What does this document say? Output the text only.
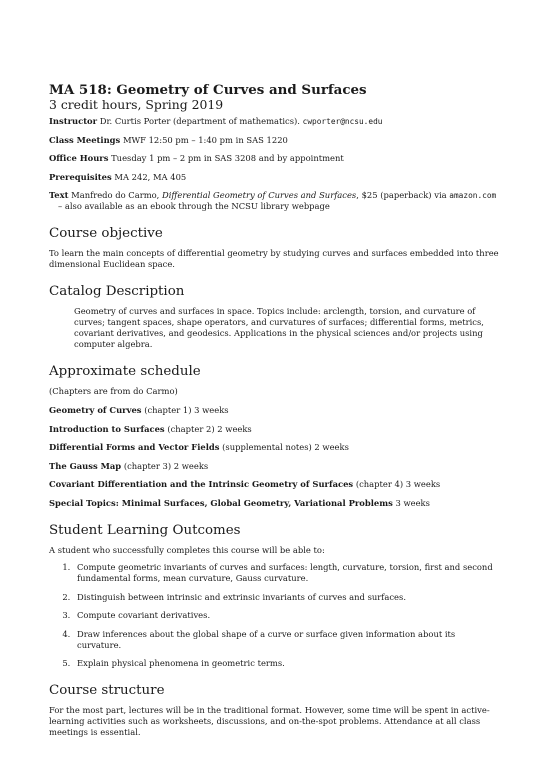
MA 518: Geometry of Curves and Surfaces
3 credit hours, Spring 2019
Instructor Dr. Curtis Porter (department of mathematics). cwporter@ncsu.edu
Class Meetings MWF 12:50 pm – 1:40 pm in SAS 1220
Office Hours Tuesday 1 pm – 2 pm in SAS 3208 and by appointment
Prerequisites MA 242, MA 405
Text Manfredo do Carmo, Differential Geometry of Curves and Surfaces, $25 (paperback) via amazon.com – also available as an ebook through the NCSU library webpage
Course objective

To learn the main concepts of differential geometry by studying curves and surfaces embedded into three dimensional Euclidean space.

Catalog Description

Geometry of curves and surfaces in space. Topics include: arclength, torsion, and curvature of curves; tangent spaces, shape operators, and curvatures of surfaces; differential forms, metrics, covariant derivatives, and geodesics. Applications in the physical sciences and/or projects using computer algebra.

Approximate schedule
(Chapters are from do Carmo)
Geometry of Curves (chapter 1) 3 weeks
Introduction to Surfaces (chapter 2) 2 weeks
Differential Forms and Vector Fields (supplemental notes) 2 weeks
The Gauss Map (chapter 3) 2 weeks
Covariant Differentiation and the Intrinsic Geometry of Surfaces (chapter 4) 3 weeks
Special Topics: Minimal Surfaces, Global Geometry, Variational Problems 3 weeks
Student Learning Outcomes

A student who successfully completes this course will be able to:

1. Compute geometric invariants of curves and surfaces: length, curvature, torsion, first and second fundamental forms, mean curvature, Gauss curvature.
2. Distinguish between intrinsic and extrinsic invariants of curves and surfaces.
3. Compute covariant derivatives.
4. Draw inferences about the global shape of a curve or surface given information about its curvature.
5. Explain physical phenomena in geometric terms.
Course structure

For the most part, lectures will be in the traditional format. However, some time will be spent in active-learning activities such as worksheets, discussions, and on-the-spot problems. Attendance at all class meetings is essential.
